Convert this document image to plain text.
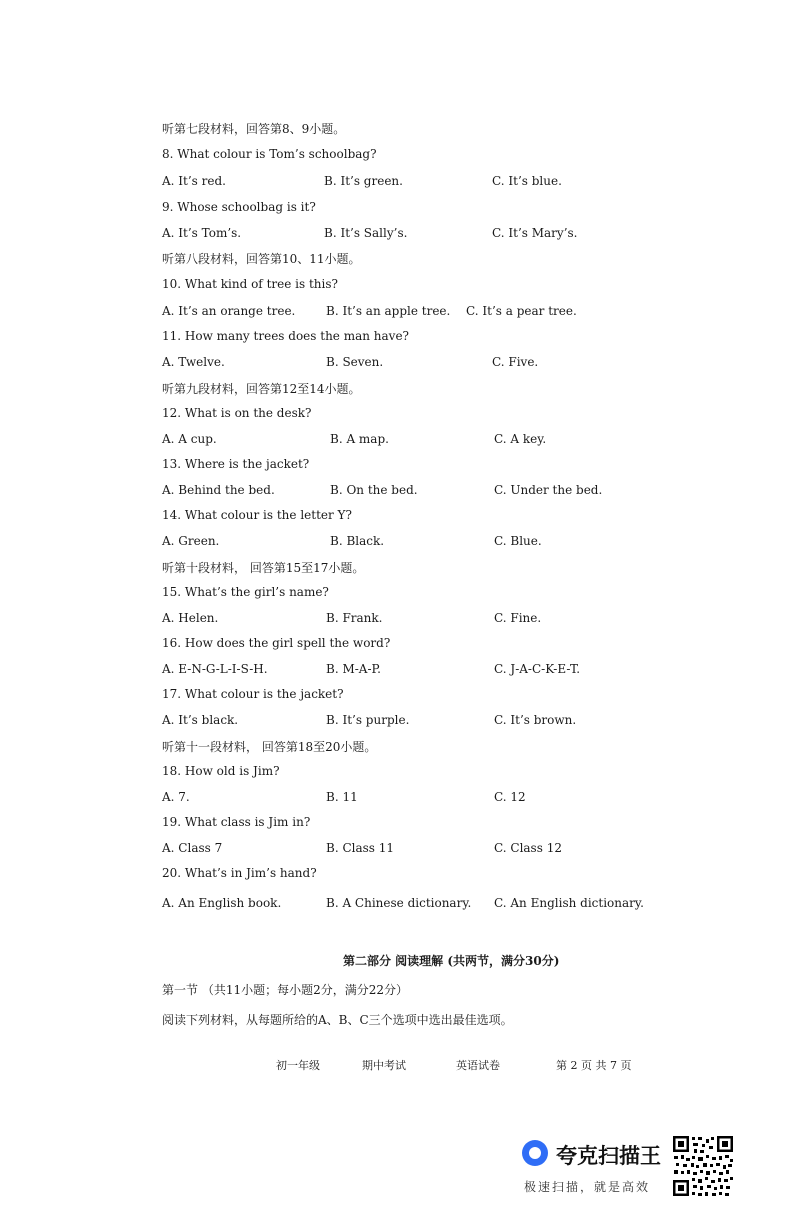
听第七段材料，回答第8、9小题。
8. What colour is Tom’s schoolbag?
A. It’s red.	B. It’s green.	C. It’s blue.
9. Whose schoolbag is it?
A. It’s Tom’s.	B. It’s Sally’s.	C. It’s Mary’s.
听第八段材料，回答第10、11小题。
10. What kind of tree is this?
A. It’s an orange tree.	B. It’s an apple tree. C. It’s a pear tree.
11. How many trees does the man have?
A. Twelve.	B. Seven.	C. Five.
听第九段材料，回答第12至14小题。
12. What is on the desk?
A. A cup.	B. A map.	C. A key.
13. Where is the jacket?
A. Behind the bed.	B. On the bed.	C. Under the bed.
14. What colour is the letter Y?
A. Green.	B. Black.	C. Blue.
听第十段材料， 回答第15至17小题。
15. What’s the girl’s name?
A. Helen.	B. Frank.	C. Fine.
16. How does the girl spell the word?
A. E-N-G-L-I-S-H.	B. M-A-P.	C. J-A-C-K-E-T.
17. What colour is the jacket?
A. It’s black.	B. It’s purple.	C. It’s brown.
听第十一段材料， 回答第18至20小题。
18. How old is Jim?
A. 7.	B. 11	C. 12
19. What class is Jim in?
A. Class 7	B. Class 11	C. Class 12
20. What’s in Jim’s hand?
A. An English book.	B. A Chinese dictionary. C. An English dictionary.
第二部分 阅读理解 (共两节，满分30分)
第一节 （共11小题；每小题2分，满分22分）
阅读下列材料，从每题所给的A、B、C三个选项中选出最佳选项。
初一年级	期中考试	英语试卷	第 2 页 共 7 页
夸克扫描王
极速扫描，就是高效
